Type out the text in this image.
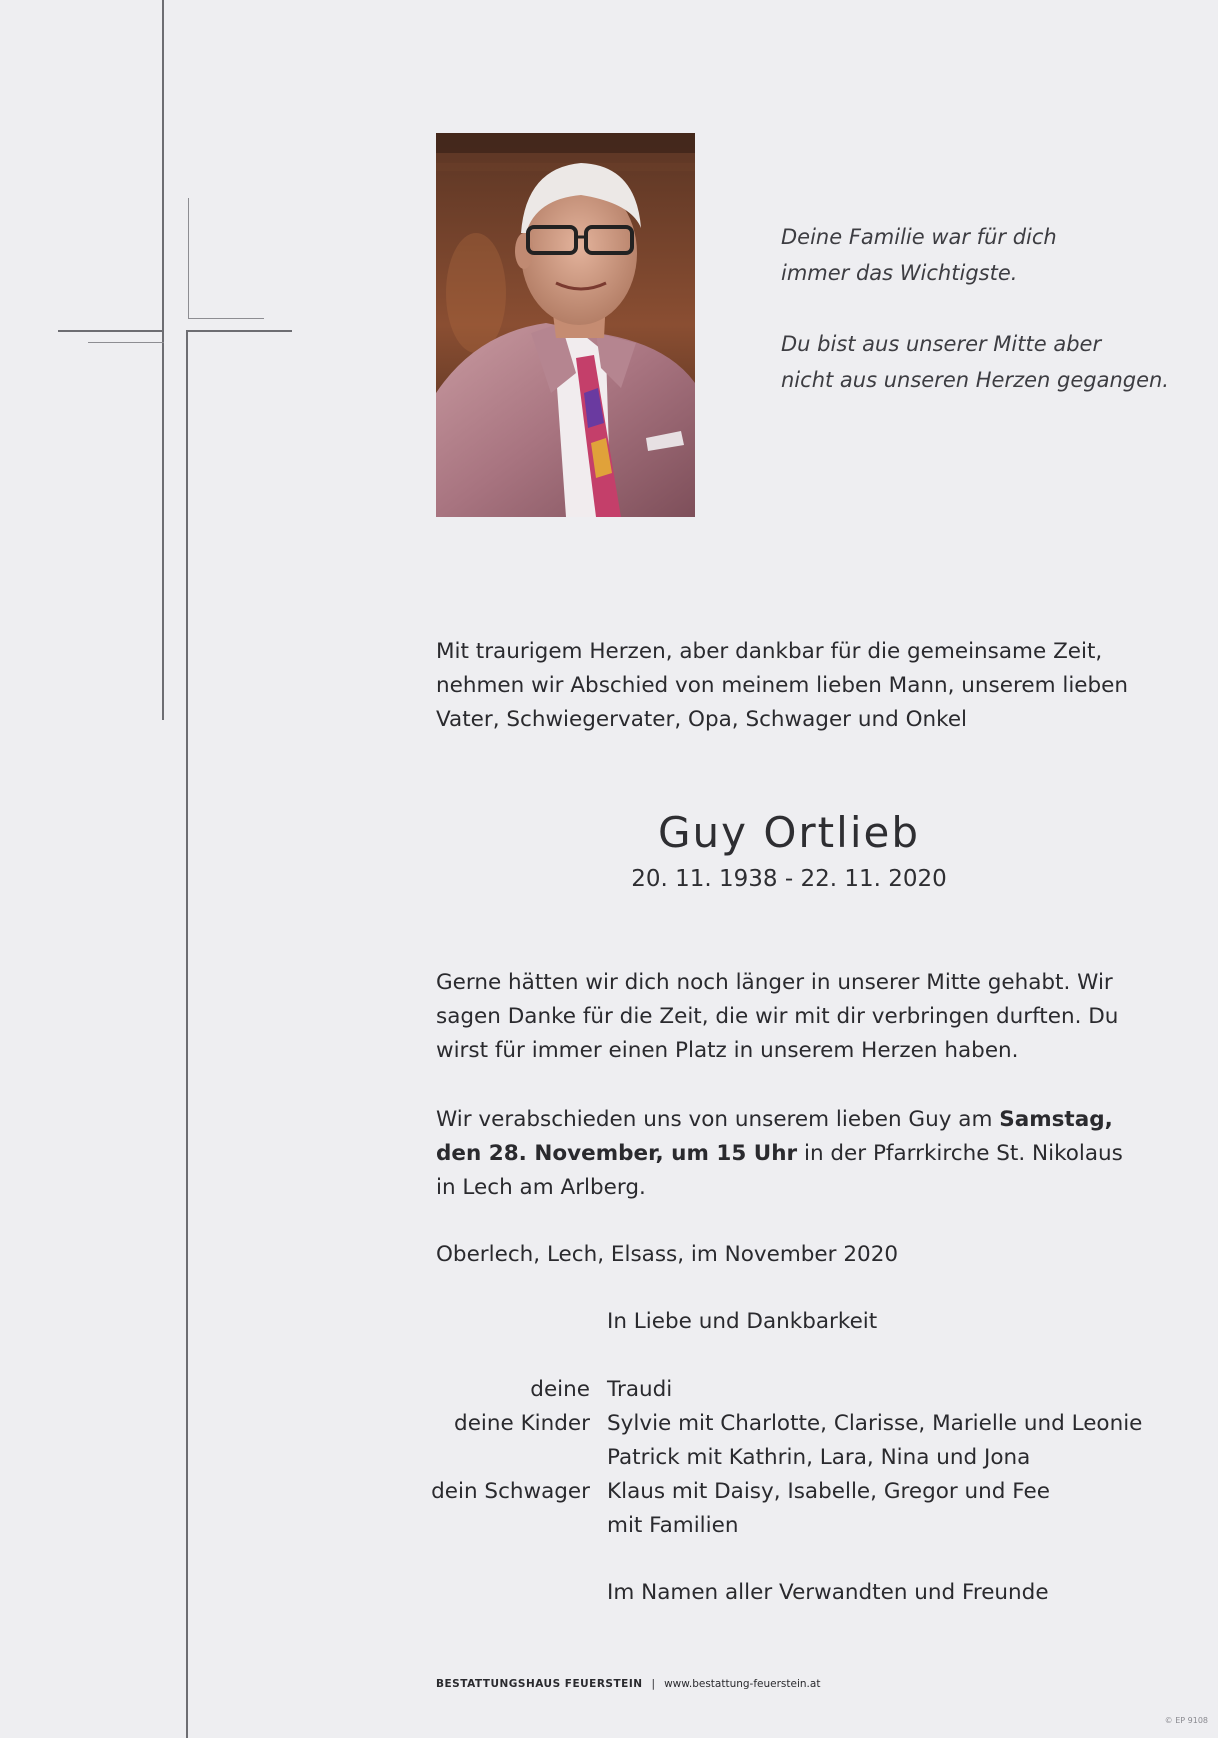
Deine Familie war für dich
immer das Wichtigste.

Du bist aus unserer Mitte aber
nicht aus unseren Herzen gegangen.

Mit traurigem Herzen, aber dankbar für die gemeinsame Zeit,
nehmen wir Abschied von meinem lieben Mann, unserem lieben
Vater, Schwiegervater, Opa, Schwager und Onkel

Guy Ortlieb
20. 11. 1938 - 22. 11. 2020

Gerne hätten wir dich noch länger in unserer Mitte gehabt. Wir
sagen Danke für die Zeit, die wir mit dir verbringen durften. Du
wirst für immer einen Platz in unserem Herzen haben.

Wir verabschieden uns von unserem lieben Guy am Samstag,

den 28. November, um 15 Uhr in der Pfarrkirche St. Nikolaus

in Lech am Arlberg.

Oberlech, Lech, Elsass, im November 2020
In Liebe und Dankbarkeit
deine Traudi
deine Kinder Sylvie mit Charlotte, Clarisse, Marielle und Leonie
Patrick mit Kathrin, Lara, Nina und Jona
dein Schwager Klaus mit Daisy, Isabelle, Gregor und Fee
mit Familien
Im Namen aller Verwandten und Freunde
BESTATTUNGSHAUS FEUERSTEIN | www.bestattung-feuerstein.at
© EP 9108
